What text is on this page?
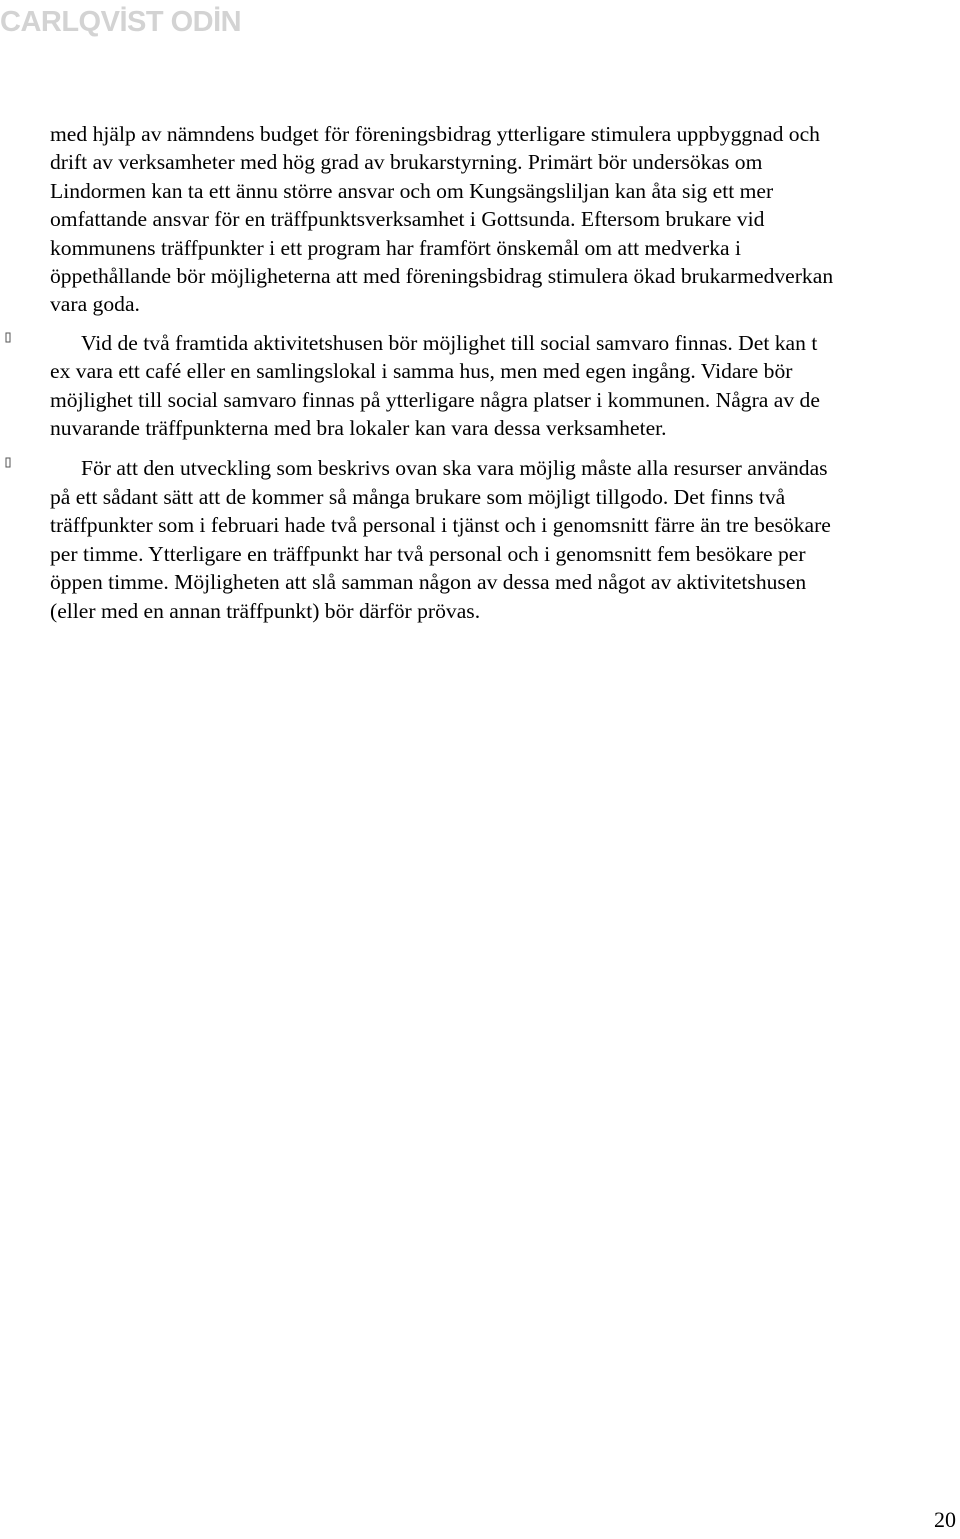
CARLQVİST ODİN

med hjälp av nämndens budget för föreningsbidrag ytterligare stimulera uppbyggnad och

drift av verksamheter med hög grad av brukarstyrning. Primärt bör undersökas om

Lindormen kan ta ett ännu större ansvar och om Kungsängsliljan kan åta sig ett mer

omfattande ansvar för en träffpunktsverksamhet i Gottsunda. Eftersom brukare vid

kommunens träffpunkter i ett program har framfört önskemål om att medverka i

öppethållande bör möjligheterna att med föreningsbidrag stimulera ökad brukarmedverkan

vara goda.

Vid de två framtida aktivitetshusen bör möjlighet till social samvaro finnas. Det kan t

ex vara ett café eller en samlingslokal i samma hus, men med egen ingång. Vidare bör

möjlighet till social samvaro finnas på ytterligare några platser i kommunen. Några av de

nuvarande träffpunkterna med bra lokaler kan vara dessa verksamheter.

För att den utveckling som beskrivs ovan ska vara möjlig måste alla resurser användas

på ett sådant sätt att de kommer så många brukare som möjligt tillgodo. Det finns två

träffpunkter som i februari hade två personal i tjänst och i genomsnitt färre än tre besökare

per timme. Ytterligare en träffpunkt har två personal och i genomsnitt fem besökare per

öppen timme. Möjligheten att slå samman någon av dessa med något av aktivitetshusen

(eller med en annan träffpunkt) bör därför prövas.

20
